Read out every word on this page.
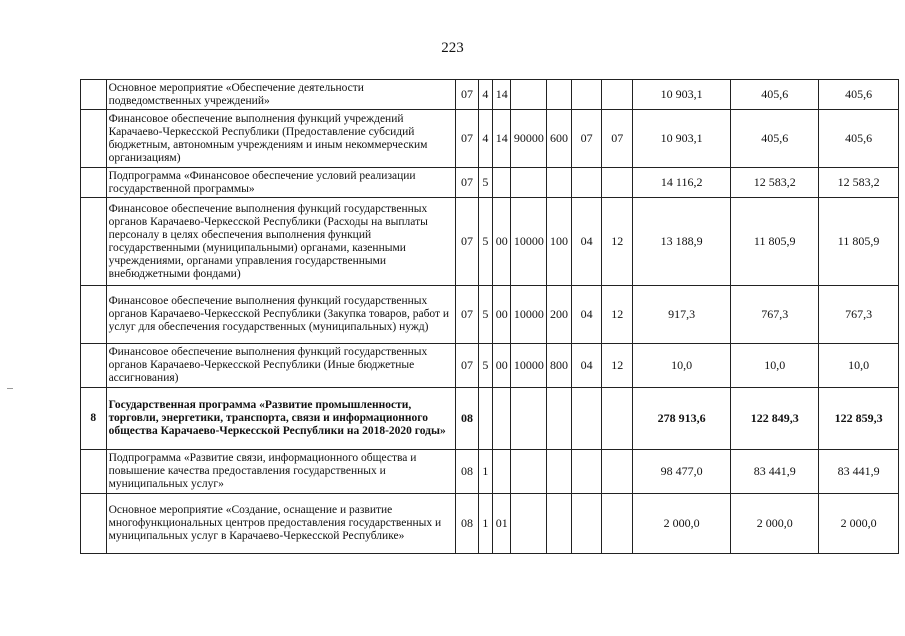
223
	Основное мероприятие «Обеспечение деятельности подведомственных учреждений»	07	4	14					10 903,1	405,6	405,6
	Финансовое обеспечение выполнения функций учреждений Карачаево-Черкесской Республики (Предоставление субсидий бюджетным, автономным учреждениям и иным некоммерческим организациям)	07	4	14	90000	600	07	07	10 903,1	405,6	405,6
	Подпрограмма «Финансовое обеспечение условий реализации государственной программы»	07	5						14 116,2	12 583,2	12 583,2
	Финансовое обеспечение выполнения функций государственных органов Карачаево-Черкесской Республики (Расходы на выплаты персоналу в целях обеспечения выполнения функций государственными (муниципальными) органами, казенными учреждениями, органами управления государственными внебюджетными фондами)	07	5	00	10000	100	04	12	13 188,9	11 805,9	11 805,9
	Финансовое обеспечение выполнения функций государственных органов Карачаево-Черкесской Республики (Закупка товаров, работ и услуг для обеспечения государственных (муниципальных) нужд)	07	5	00	10000	200	04	12	917,3	767,3	767,3
	Финансовое обеспечение выполнения функций государственных органов Карачаево-Черкесской Республики (Иные бюджетные ассигнования)	07	5	00	10000	800	04	12	10,0	10,0	10,0
8	Государственная программа «Развитие промышленности, торговли, энергетики, транспорта, связи и информационного общества Карачаево-Черкесской Республики на 2018-2020 годы»	08							278 913,6	122 849,3	122 859,3
	Подпрограмма «Развитие связи, информационного общества и повышение качества предоставления государственных и муниципальных услуг»	08	1						98 477,0	83 441,9	83 441,9
	Основное мероприятие «Создание, оснащение и развитие многофункциональных центров предоставления государственных и муниципальных услуг в Карачаево-Черкесской Республике»	08	1	01					2 000,0	2 000,0	2 000,0
